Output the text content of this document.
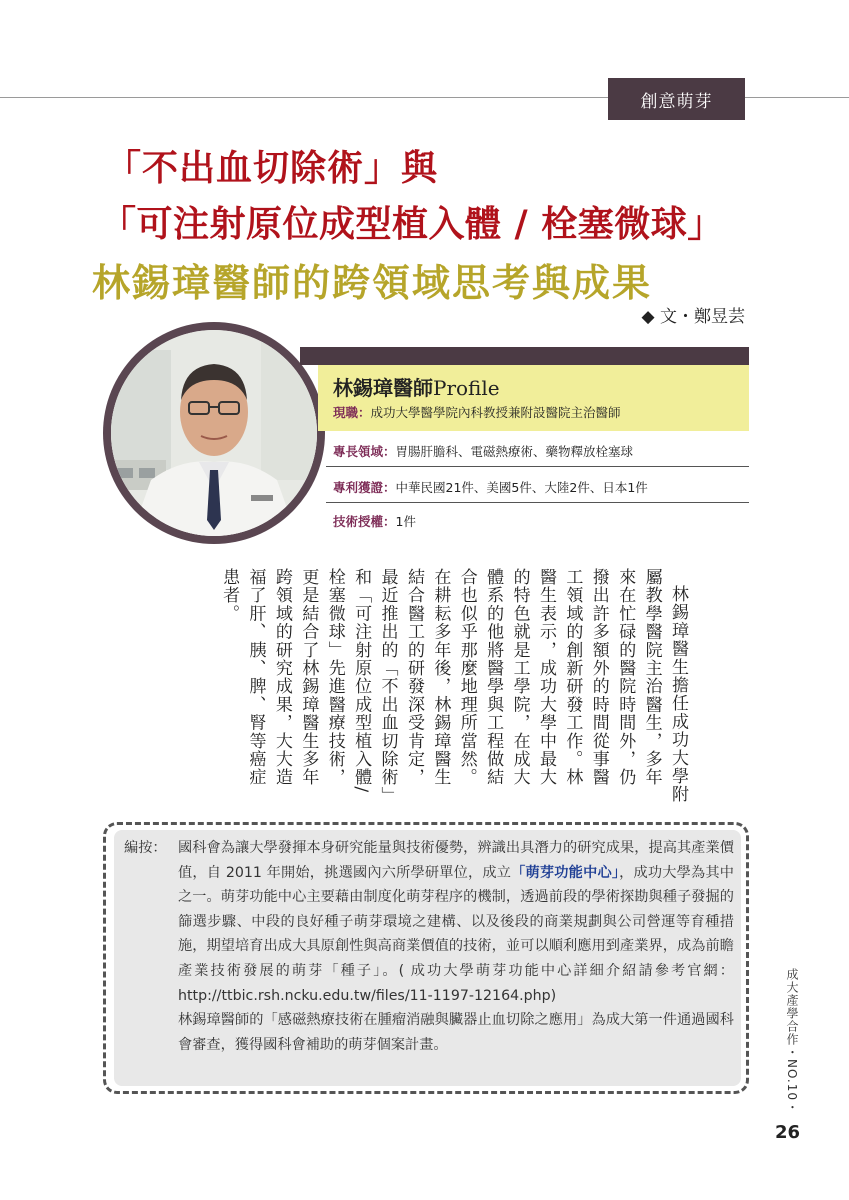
創意萌芽
「不出血切除術」與
「可注射原位成型植入體 / 栓塞微球」
林錫璋醫師的跨領域思考與成果
◆ 文・鄭昱芸
林錫璋醫師Profile
現職：成功大學醫學院內科教授兼附設醫院主治醫師
專長領域：胃腸肝膽科、電磁熱療術、藥物釋放栓塞球
專利獲證：中華民國21件、美國5件、大陸2件、日本1件
技術授權：1件

林錫璋醫生擔任成功大學附屬教學醫院主治醫生，多年來在忙碌的醫院時間外，仍撥出許多額外的時間從事醫工領域的創新研發工作。林醫生表示，成功大學中最大的特色就是工學院，在成大體系的他將醫學與工程做結合也似乎那麼地理所當然。在耕耘多年後，林錫璋醫生結合醫工的研發深受肯定，最近推出的「不出血切除術」和「可注射原位成型植入體/栓塞微球」先進醫療技術，更是結合了林錫璋醫生多年跨領域的研究成果，大大造福了肝、胰、脾、腎等癌症患者。

編按： 國科會為讓大學發揮本身研究能量與技術優勢，辨識出具潛力的研究成果，提高其產業價值，自 2011 年開始，挑選國內六所學研單位，成立「萌芽功能中心」，成功大學為其中之一。萌芽功能中心主要藉由制度化萌芽程序的機制，透過前段的學術探勘與種子發掘的篩選步驟、中段的良好種子萌芽環境之建構、以及後段的商業規劃與公司營運等育種措施，期望培育出成大具原創性與高商業價值的技術，並可以順利應用到產業界，成為前瞻產業技術發展的萌芽「種子」。( 成功大學萌芽功能中心詳細介紹請參考官網：http://ttbic.rsh.ncku.edu.tw/files/11-1197-12164.php)
林錫璋醫師的「感磁熱療技術在腫瘤消融與臟器止血切除之應用」為成大第一件通過國科會審查，獲得國科會補助的萌芽個案計畫。	成大產學合作・NO.10・
26
